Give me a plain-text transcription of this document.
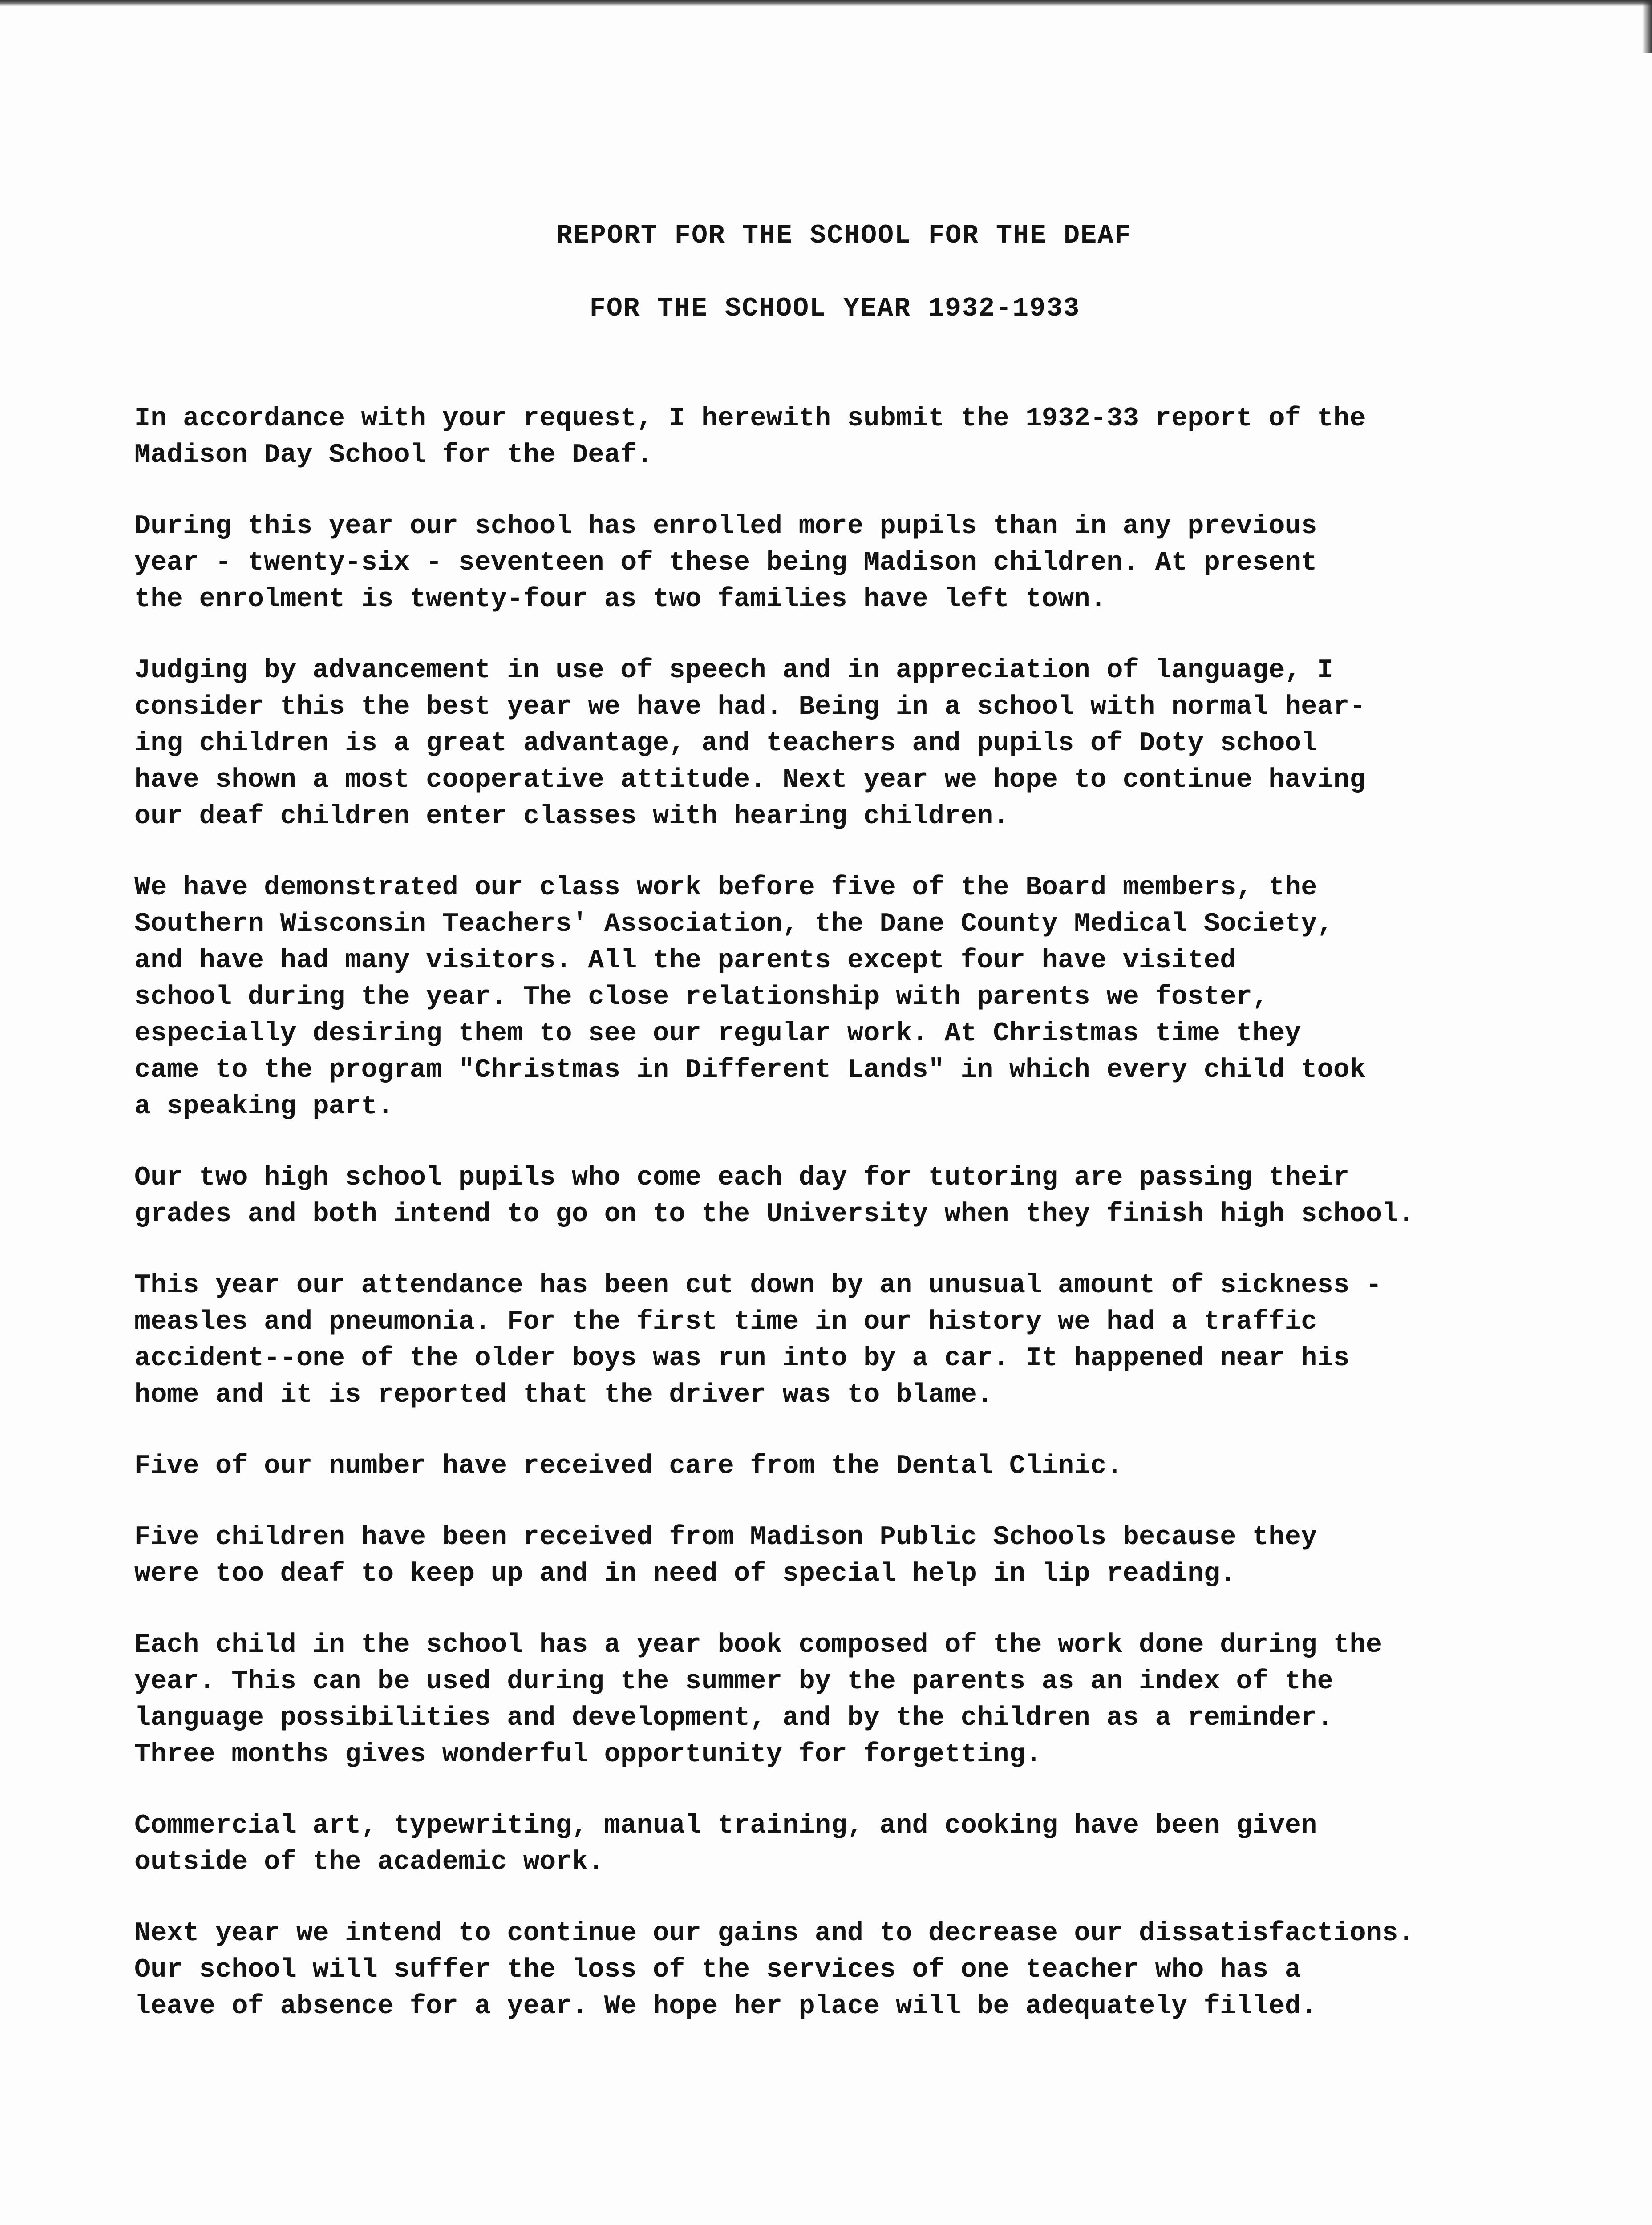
REPORT FOR THE SCHOOL FOR THE DEAF
FOR THE SCHOOL YEAR 1932-1933

In accordance with your request, I herewith submit the 1932-33 report of the
Madison Day School for the Deaf.

During this year our school has enrolled more pupils than in any previous
year - twenty-six - seventeen of these being Madison children. At present
the enrolment is twenty-four as two families have left town.

Judging by advancement in use of speech and in appreciation of language, I
consider this the best year we have had. Being in a school with normal hear-
ing children is a great advantage, and teachers and pupils of Doty school
have shown a most cooperative attitude. Next year we hope to continue having
our deaf children enter classes with hearing children.

We have demonstrated our class work before five of the Board members, the
Southern Wisconsin Teachers' Association, the Dane County Medical Society,
and have had many visitors. All the parents except four have visited
school during the year. The close relationship with parents we foster,
especially desiring them to see our regular work. At Christmas time they
came to the program "Christmas in Different Lands" in which every child took
a speaking part.

Our two high school pupils who come each day for tutoring are passing their
grades and both intend to go on to the University when they finish high school.

This year our attendance has been cut down by an unusual amount of sickness -
measles and pneumonia. For the first time in our history we had a traffic
accident--one of the older boys was run into by a car. It happened near his
home and it is reported that the driver was to blame.

Five of our number have received care from the Dental Clinic.

Five children have been received from Madison Public Schools because they
were too deaf to keep up and in need of special help in lip reading.

Each child in the school has a year book composed of the work done during the
year. This can be used during the summer by the parents as an index of the
language possibilities and development, and by the children as a reminder.
Three months gives wonderful opportunity for forgetting.

Commercial art, typewriting, manual training, and cooking have been given
outside of the academic work.

Next year we intend to continue our gains and to decrease our dissatisfactions.
Our school will suffer the loss of the services of one teacher who has a
leave of absence for a year. We hope her place will be adequately filled.
